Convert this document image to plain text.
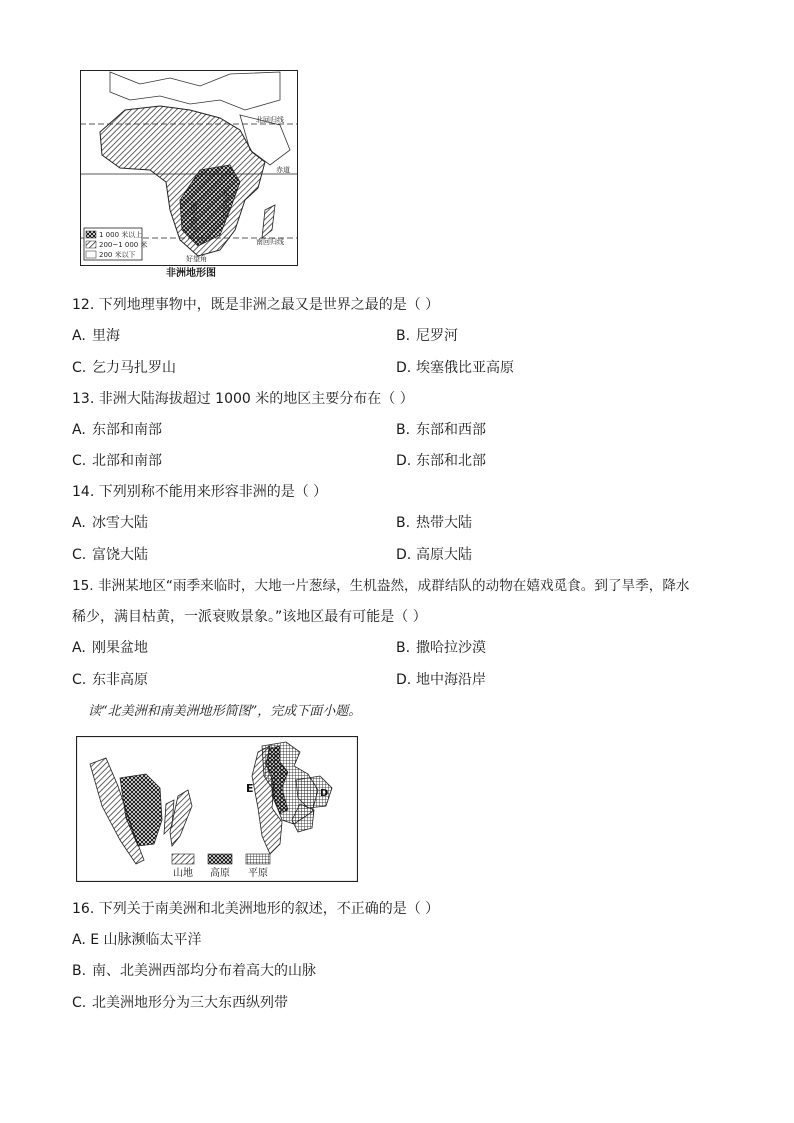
北回归线
赤道
南回归线
好望角
东非高原
南非高原
1 000 米以上
200~1 000 米
200 米以下
非洲地形图
12. 下列地理事物中，既是非洲之最又是世界之最的是（ ）
A. 里海	B. 尼罗河
C. 乞力马扎罗山	D. 埃塞俄比亚高原
13. 非洲大陆海拔超过 1000 米的地区主要分布在（ ）
A. 东部和南部	B. 东部和西部
C. 北部和南部	D. 东部和北部
14. 下列别称不能用来形容非洲的是（ ）
A. 冰雪大陆	B. 热带大陆
C. 富饶大陆	D. 高原大陆
15. 非洲某地区“雨季来临时，大地一片葱绿，生机盎然，成群结队的动物在嬉戏觅食。到了旱季，降水
稀少，满目枯黄，一派衰败景象。”该地区最有可能是（ ）
A. 刚果盆地	B. 撒哈拉沙漠
C. 东非高原	D. 地中海沿岸
读“北美洲和南美洲地形简图”，完成下面小题。
E	D
山地 高原 平原
16. 下列关于南美洲和北美洲地形的叙述，不正确的是（ ）
A. E 山脉濒临太平洋
B. 南、北美洲西部均分布着高大的山脉
C. 北美洲地形分为三大东西纵列带
